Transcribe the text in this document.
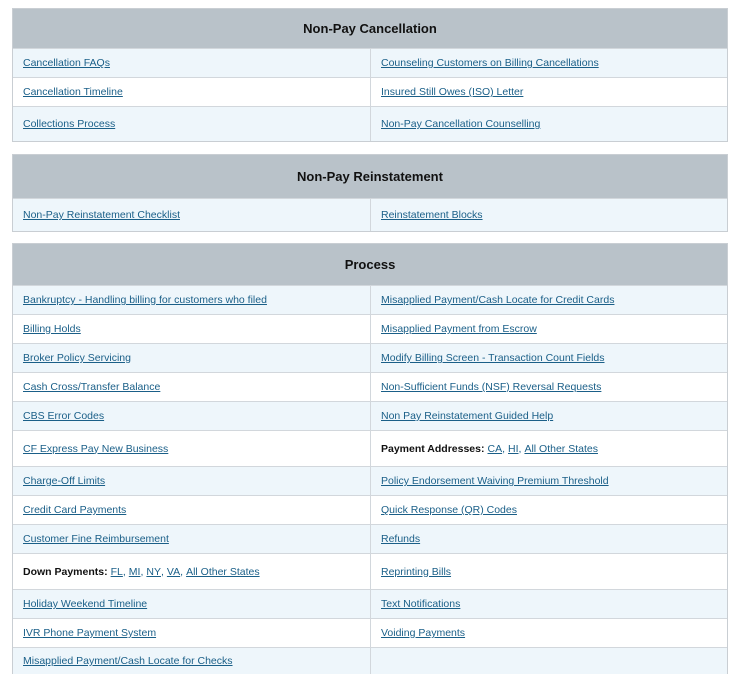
Non-Pay Cancellation
Cancellation FAQs	Counseling Customers on Billing Cancellations
Cancellation Timeline	Insured Still Owes (ISO) Letter
Collections Process	Non-Pay Cancellation Counselling
Non-Pay Reinstatement
Non-Pay Reinstatement Checklist	Reinstatement Blocks
Process
Bankruptcy - Handling billing for customers who filed	Misapplied Payment/Cash Locate for Credit Cards
Billing Holds	Misapplied Payment from Escrow
Broker Policy Servicing	Modify Billing Screen - Transaction Count Fields
Cash Cross/Transfer Balance	Non-Sufficient Funds (NSF) Reversal Requests
CBS Error Codes	Non Pay Reinstatement Guided Help
CF Express Pay New Business	Payment Addresses: CA , HI , All Other States
Charge-Off Limits	Policy Endorsement Waiving Premium Threshold
Credit Card Payments	Quick Response (QR) Codes
Customer Fine Reimbursement	Refunds
Down Payments: FL , MI , NY , VA , All Other States	Reprinting Bills
Holiday Weekend Timeline	Text Notifications
IVR Phone Payment System	Voiding Payments
Misapplied Payment/Cash Locate for Checks
